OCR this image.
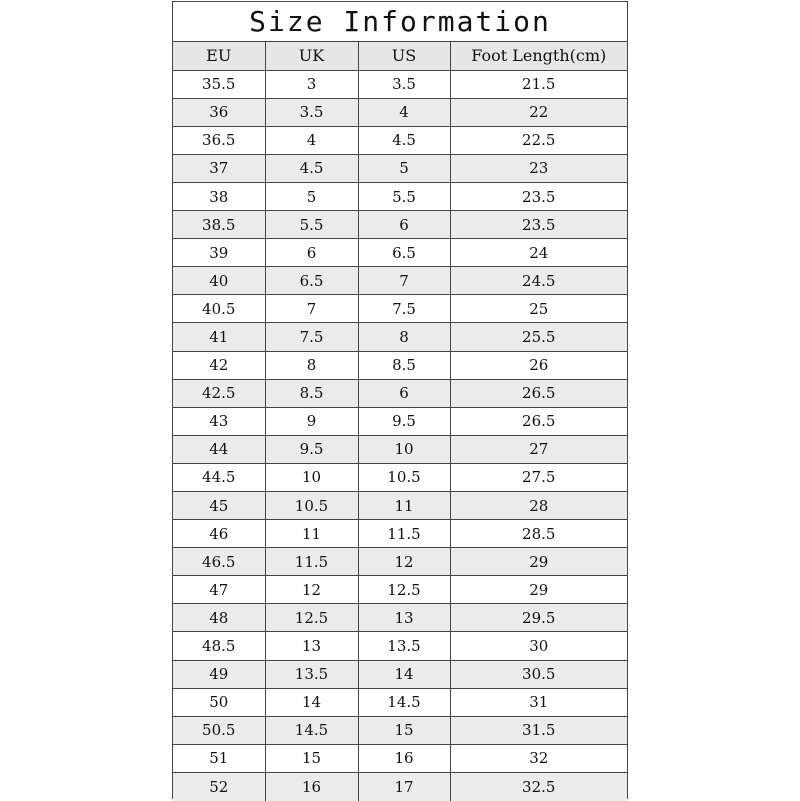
Size Information
EU	UK	US	Foot Length(cm)
35.5	3	3.5	21.5
36	3.5	4	22
36.5	4	4.5	22.5
37	4.5	5	23
38	5	5.5	23.5
38.5	5.5	6	23.5
39	6	6.5	24
40	6.5	7	24.5
40.5	7	7.5	25
41	7.5	8	25.5
42	8	8.5	26
42.5	8.5	6	26.5
43	9	9.5	26.5
44	9.5	10	27
44.5	10	10.5	27.5
45	10.5	11	28
46	11	11.5	28.5
46.5	11.5	12	29
47	12	12.5	29
48	12.5	13	29.5
48.5	13	13.5	30
49	13.5	14	30.5
50	14	14.5	31
50.5	14.5	15	31.5
51	15	16	32
52	16	17	32.5
